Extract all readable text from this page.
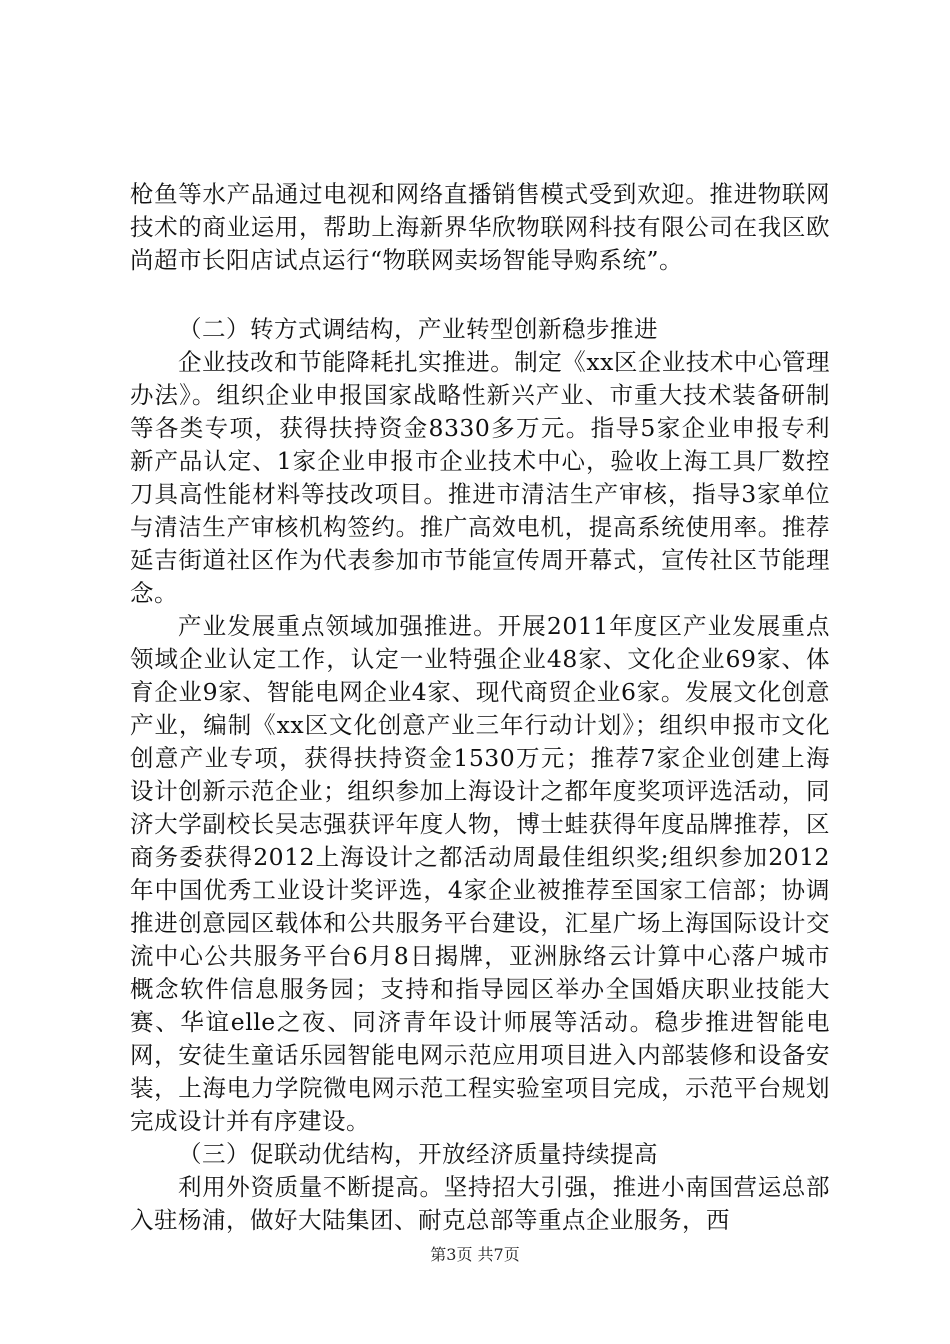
枪鱼等水产品通过电视和网络直播销售模式受到欢迎。推进物联网技术的商业运用，帮助上海新界华欣物联网科技有限公司在我区欧尚超市长阳店试点运行“物联网卖场智能导购系统”。

（二）转方式调结构，产业转型创新稳步推进

企业技改和节能降耗扎实推进。制定《xx区企业技术中心管理办法》。组织企业申报国家战略性新兴产业、市重大技术装备研制等各类专项，获得扶持资金8330多万元。指导5家企业申报专利新产品认定、1家企业申报市企业技术中心，验收上海工具厂数控刀具高性能材料等技改项目。推进市清洁生产审核，指导3家单位与清洁生产审核机构签约。推广高效电机，提高系统使用率。推荐延吉街道社区作为代表参加市节能宣传周开幕式，宣传社区节能理念。

产业发展重点领域加强推进。开展2011年度区产业发展重点领域企业认定工作，认定一业特强企业48家、文化企业69家、体育企业9家、智能电网企业4家、现代商贸企业6家。发展文化创意产业，编制《xx区文化创意产业三年行动计划》；组织申报市文化创意产业专项，获得扶持资金1530万元；推荐7家企业创建上海设计创新示范企业；组织参加上海设计之都年度奖项评选活动，同济大学副校长吴志强获评年度人物，博士蛙获得年度品牌推荐，区商务委获得2012上海设计之都活动周最佳组织奖;组织参加2012年中国优秀工业设计奖评选，4家企业被推荐至国家工信部；协调推进创意园区载体和公共服务平台建设，汇星广场上海国际设计交流中心公共服务平台6月8日揭牌，亚洲脉络云计算中心落户城市概念软件信息服务园；支持和指导园区举办全国婚庆职业技能大赛、华谊elle之夜、同济青年设计师展等活动。稳步推进智能电网，安徒生童话乐园智能电网示范应用项目进入内部装修和设备安装，上海电力学院微电网示范工程实验室项目完成，示范平台规划完成设计并有序建设。

（三）促联动优结构，开放经济质量持续提高

利用外资质量不断提高。坚持招大引强，推进小南国营运总部入驻杨浦，做好大陆集团、耐克总部等重点企业服务，西

第3页 共7页
